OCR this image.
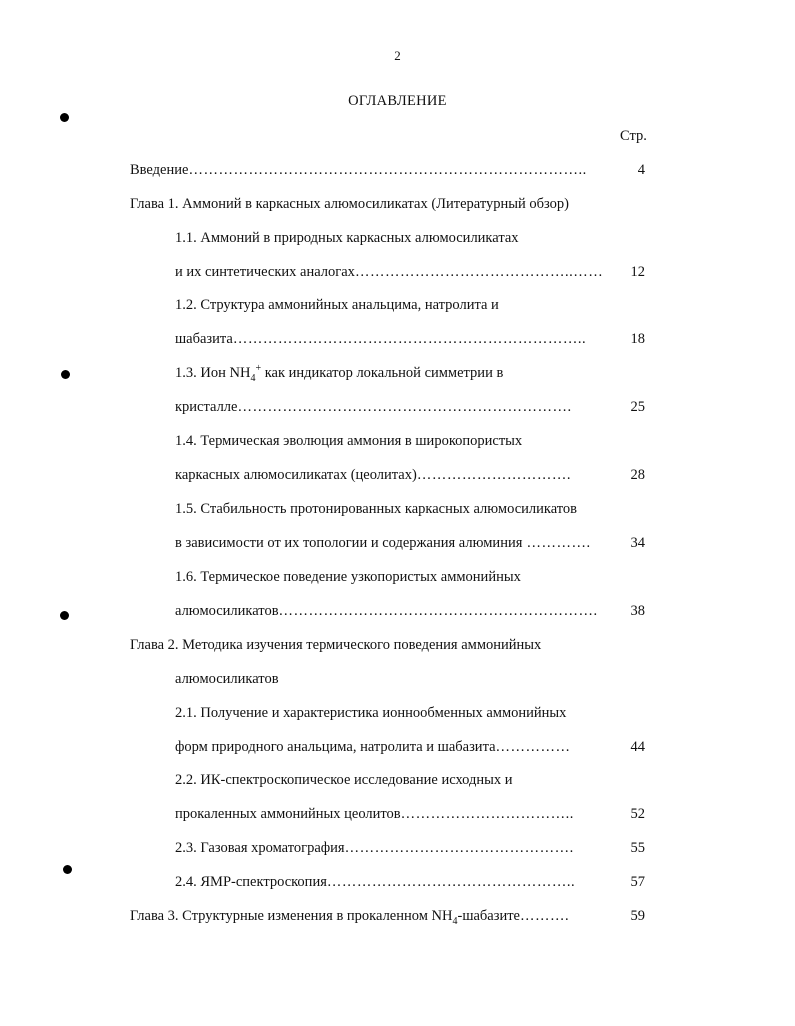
2
ОГЛАВЛЕНИЕ
Стр.
Введение……………………………………………………………………..	4
Глава 1. Аммоний в каркасных алюмосиликатах (Литературный обзор)
1.1. Аммоний в природных каркасных алюмосиликатах
и их синтетических аналогах……………………………………..……	12
1.2. Структура аммонийных анальцима, натролита и
шабазита……………………………………………………………..	18
1.3. Ион $NH_4^+$ как индикатор локальной симметрии в
кристалле………………………………………………………….	25
1.4. Термическая эволюция аммония в широкопористых
каркасных алюмосиликатах (цеолитах)………………………….	28
1.5. Стабильность протонированных каркасных алюмосиликатов
в зависимости от их топологии и содержания алюминия ………….	34
1.6. Термическое поведение узкопористых аммонийных
алюмосиликатов……………………………………………………….	38
Глава 2. Методика изучения термического поведения аммонийных
алюмосиликатов
2.1. Получение и характеристика ионнообменных аммонийных
форм природного анальцима, натролита и шабазита……………	44
2.2. ИК-спектроскопическое исследование исходных и
прокаленных аммонийных цеолитов……………………………..	52
2.3. Газовая хроматография……………………………………….	55
2.4. ЯМР-спектроскопия…………………………………………..	57
Глава 3. Структурные изменения в прокаленном $NH_4-шабазите\dots\dots\dots$.	59
